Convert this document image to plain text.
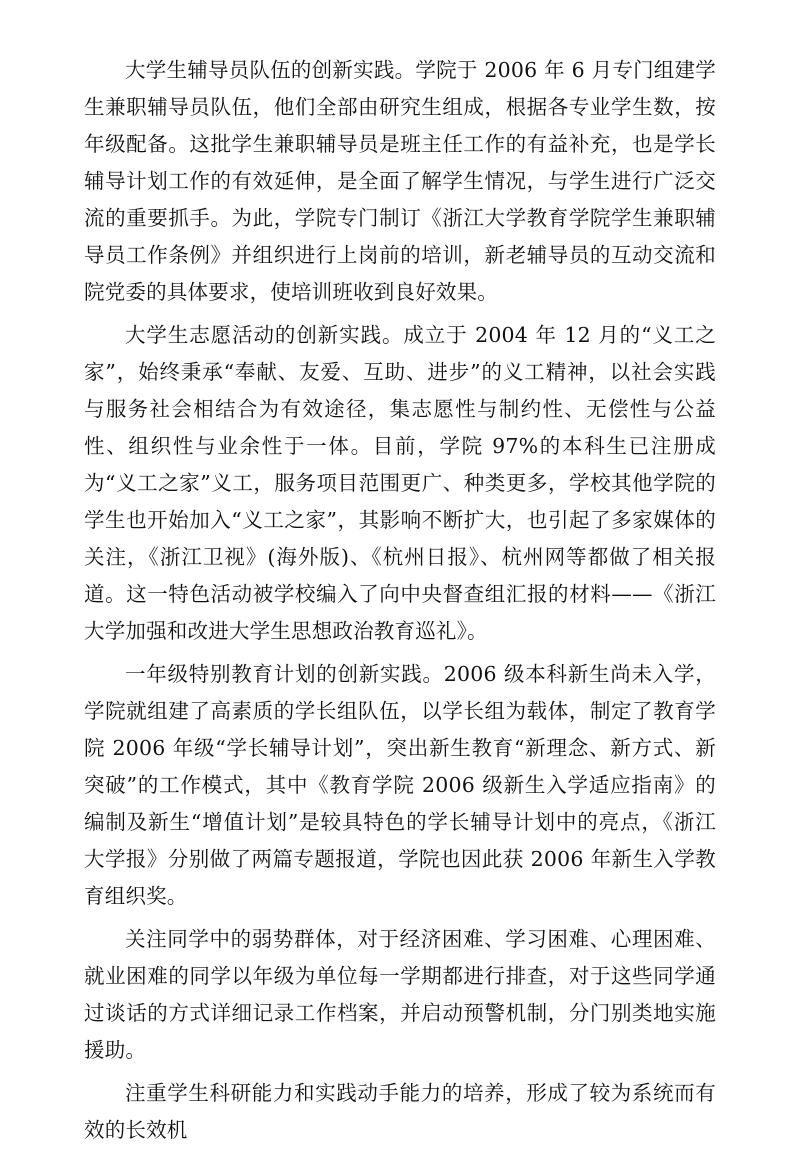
大学生辅导员队伍的创新实践。学院于 2006 年 6 月专门组建学生兼职辅导员队伍，他们全部由研究生组成，根据各专业学生数，按年级配备。这批学生兼职辅导员是班主任工作的有益补充，也是学长辅导计划工作的有效延伸，是全面了解学生情况，与学生进行广泛交流的重要抓手。为此，学院专门制订《浙江大学教育学院学生兼职辅导员工作条例》并组织进行上岗前的培训，新老辅导员的互动交流和院党委的具体要求，使培训班收到良好效果。

大学生志愿活动的创新实践。成立于 2004 年 12 月的“义工之家”，始终秉承“奉献、友爱、互助、进步”的义工精神，以社会实践与服务社会相结合为有效途径，集志愿性与制约性、无偿性与公益性、组织性与业余性于一体。目前，学院 97%的本科生已注册成为“义工之家”义工，服务项目范围更广、种类更多，学校其他学院的学生也开始加入“义工之家”，其影响不断扩大，也引起了多家媒体的关注，《浙江卫视》(海外版)、《杭州日报》、杭州网等都做了相关报道。这一特色活动被学校编入了向中央督查组汇报的材料——《浙江大学加强和改进大学生思想政治教育巡礼》。

一年级特别教育计划的创新实践。2006 级本科新生尚未入学，学院就组建了高素质的学长组队伍，以学长组为载体，制定了教育学院 2006 年级“学长辅导计划”，突出新生教育“新理念、新方式、新突破”的工作模式，其中《教育学院 2006 级新生入学适应指南》的编制及新生“增值计划”是较具特色的学长辅导计划中的亮点，《浙江大学报》分别做了两篇专题报道，学院也因此获 2006 年新生入学教育组织奖。

关注同学中的弱势群体，对于经济困难、学习困难、心理困难、就业困难的同学以年级为单位每一学期都进行排查，对于这些同学通过谈话的方式详细记录工作档案，并启动预警机制，分门别类地实施援助。

注重学生科研能力和实践动手能力的培养，形成了较为系统而有效的长效机
